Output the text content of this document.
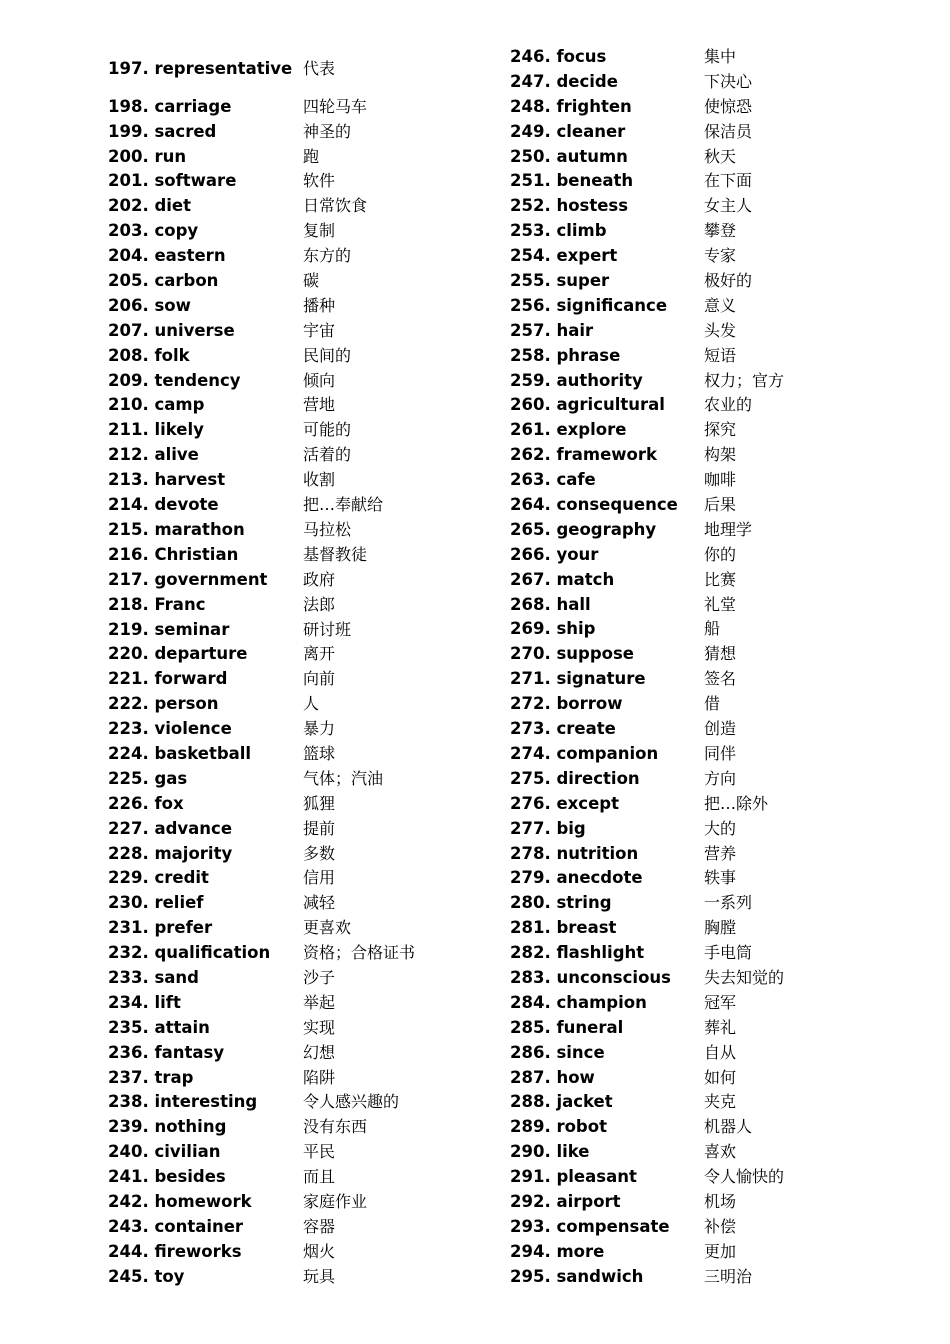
197. representative 代表
198. carriage	四轮马车
199. sacred	神圣的
200. run	跑
201. software	软件
202. diet	日常饮食
203. copy	复制
204. eastern	东方的
205. carbon	碳
206. sow	播种
207. universe	宇宙
208. folk	民间的
209. tendency	倾向
210. camp	营地
211. likely	可能的
212. alive	活着的
213. harvest	收割
214. devote	把…奉献给
215. marathon	马拉松
216. Christian	基督教徒
217. government	政府
218. Franc	法郎
219. seminar	研讨班
220. departure	离开
221. forward	向前
222. person	人
223. violence	暴力
224. basketball	篮球
225. gas	气体；汽油
226. fox	狐狸
227. advance	提前
228. majority	多数
229. credit	信用
230. relief	减轻
231. prefer	更喜欢
232. qualification	资格；合格证书
233. sand	沙子
234. lift	举起
235. attain	实现
236. fantasy	幻想
237. trap	陷阱
238. interesting	令人感兴趣的
239. nothing	没有东西
240. civilian	平民
241. besides	而且
242. homework	家庭作业
243. container	容器
244. fireworks	烟火
245. toy	玩具
246. focus	集中
247. decide	下决心
248. frighten	使惊恐
249. cleaner	保洁员
250. autumn	秋天
251. beneath	在下面
252. hostess	女主人
253. climb	攀登
254. expert	专家
255. super	极好的
256. significance	意义
257. hair	头发
258. phrase	短语
259. authority	权力；官方
260. agricultural	农业的
261. explore	探究
262. framework	构架
263. cafe	咖啡
264. consequence	后果
265. geography	地理学
266. your	你的
267. match	比赛
268. hall	礼堂
269. ship	船
270. suppose	猜想
271. signature	签名
272. borrow	借
273. create	创造
274. companion	同伴
275. direction	方向
276. except	把…除外
277. big	大的
278. nutrition	营养
279. anecdote	轶事
280. string	一系列
281. breast	胸膛
282. flashlight	手电筒
283. unconscious	失去知觉的
284. champion	冠军
285. funeral	葬礼
286. since	自从
287. how	如何
288. jacket	夹克
289. robot	机器人
290. like	喜欢
291. pleasant	令人愉快的
292. airport	机场
293. compensate	补偿
294. more	更加
295. sandwich	三明治
